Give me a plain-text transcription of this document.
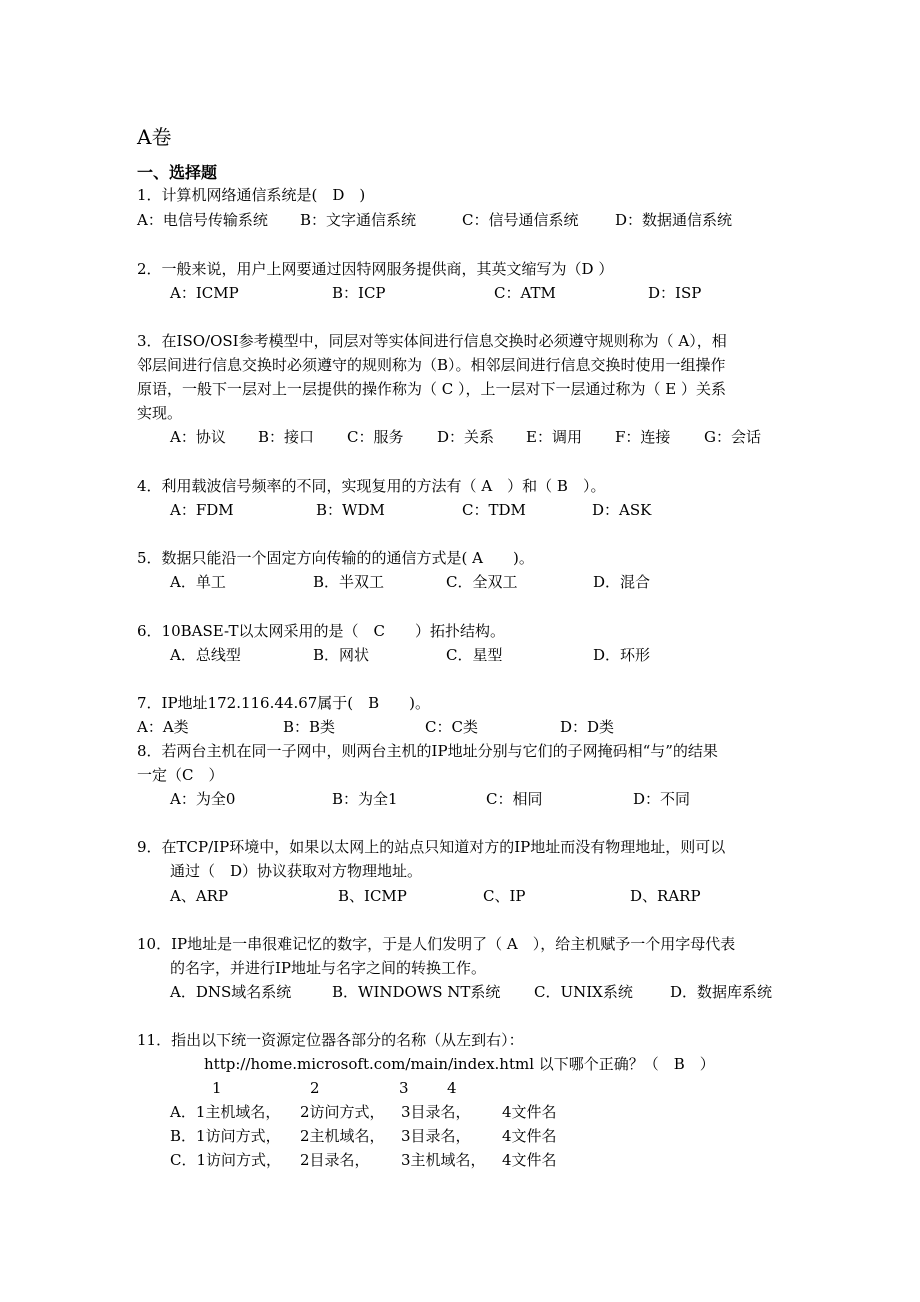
A卷
一、选择题
1．计算机网络通信系统是(　D　)
A：电信号传输系统 B：文字通信系统	C：信号通信系统 D：数据通信系统
2．一般来说，用户上网要通过因特网服务提供商，其英文缩写为（D ）
A：ICMP	B：ICP	C：ATM	D：ISP
3．在ISO/OSI参考模型中，同层对等实体间进行信息交换时必须遵守规则称为（ A），相
邻层间进行信息交换时必须遵守的规则称为（B）。相邻层间进行信息交换时使用一组操作
原语，一般下一层对上一层提供的操作称为（ C ），上一层对下一层通过称为（ E ）关系
实现。
A：协议 B：接口 C：服务 D：关系 E：调用 F：连接 G：会话
4．利用载波信号频率的不同，实现复用的方法有（ A　）和（ B　）。
A：FDM	B：WDM	C：TDM	D：ASK
5．数据只能沿一个固定方向传输的的通信方式是( A　　)。
A．单工	B．半双工	C．全双工	D．混合
6．10BASE-T以太网采用的是（　C　　）拓扑结构。
A．总线型	B．网状	C．星型	D．环形
7．IP地址172.116.44.67属于(　B　　)。
A：A类	B：B类	C：C类	D：D类
8．若两台主机在同一子网中，则两台主机的IP地址分别与它们的子网掩码相“与”的结果
一定（C　）
A：为全0	B：为全1	C：相同	D：不同
9．在TCP/IP环境中，如果以太网上的站点只知道对方的IP地址而没有物理地址，则可以
通过（　D）协议获取对方物理地址。
A、ARP	B、ICMP	C、IP	D、RARP
10．IP地址是一串很难记忆的数字，于是人们发明了（ A　），给主机赋予一个用字母代表
的名字，并进行IP地址与名字之间的转换工作。
A．DNS域名系统	B．WINDOWS NT系统 C．UNIX系统 D．数据库系统
11．指出以下统一资源定位器各部分的名称（从左到右）：
http://home.microsoft.com/main/index.html 以下哪个正确？（　B　）
1	2	3	4
A．1主机域名， 2访问方式， 3目录名， 4文件名
B．1访问方式， 2主机域名， 3目录名， 4文件名
C．1访问方式， 2目录名， 3主机域名， 4文件名
